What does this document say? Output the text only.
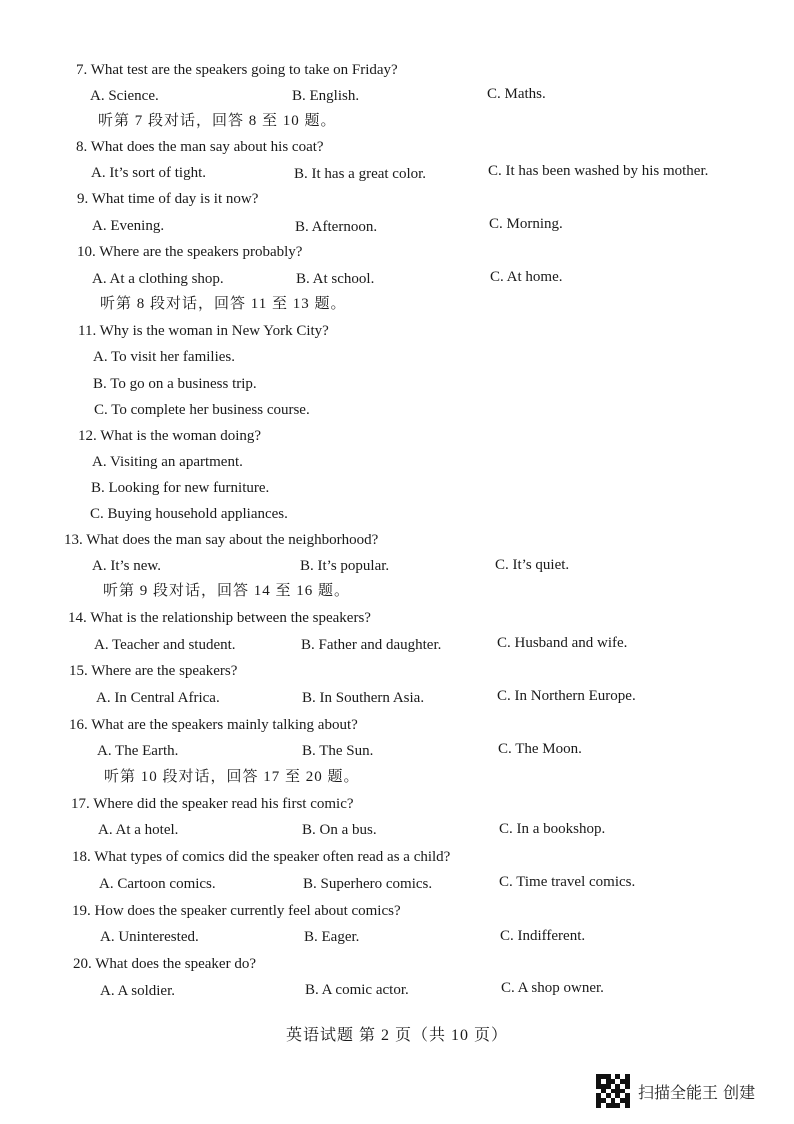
7. What test are the speakers going to take on Friday?
A. Science.	B. English.	C. Maths.
听第 7 段对话，回答 8 至 10 题。
8. What does the man say about his coat?
A. It’s sort of tight.	B. It has a great color.	C. It has been washed by his mother.
9. What time of day is it now?
A. Evening.	B. Afternoon.	C. Morning.
10. Where are the speakers probably?
A. At a clothing shop.	B. At school.	C. At home.
听第 8 段对话，回答 11 至 13 题。
11. Why is the woman in New York City?
A. To visit her families.
B. To go on a business trip.
C. To complete her business course.
12. What is the woman doing?
A. Visiting an apartment.
B. Looking for new furniture.
C. Buying household appliances.
13. What does the man say about the neighborhood?
A. It’s new.	B. It’s popular.	C. It’s quiet.
听第 9 段对话，回答 14 至 16 题。
14. What is the relationship between the speakers?
A. Teacher and student.	B. Father and daughter.	C. Husband and wife.
15. Where are the speakers?
A. In Central Africa.	B. In Southern Asia.	C. In Northern Europe.
16. What are the speakers mainly talking about?
A. The Earth.	B. The Sun.	C. The Moon.
听第 10 段对话，回答 17 至 20 题。
17. Where did the speaker read his first comic?
A. At a hotel.	B. On a bus.	C. In a bookshop.
18. What types of comics did the speaker often read as a child?
A. Cartoon comics.	B. Superhero comics.	C. Time travel comics.
19. How does the speaker currently feel about comics?
A. Uninterested.	B. Eager.	C. Indifferent.
20. What does the speaker do?
A. A soldier.	B. A comic actor.	C. A shop owner.
英语试题 第 2 页（共 10 页）
扫描全能王 创建
